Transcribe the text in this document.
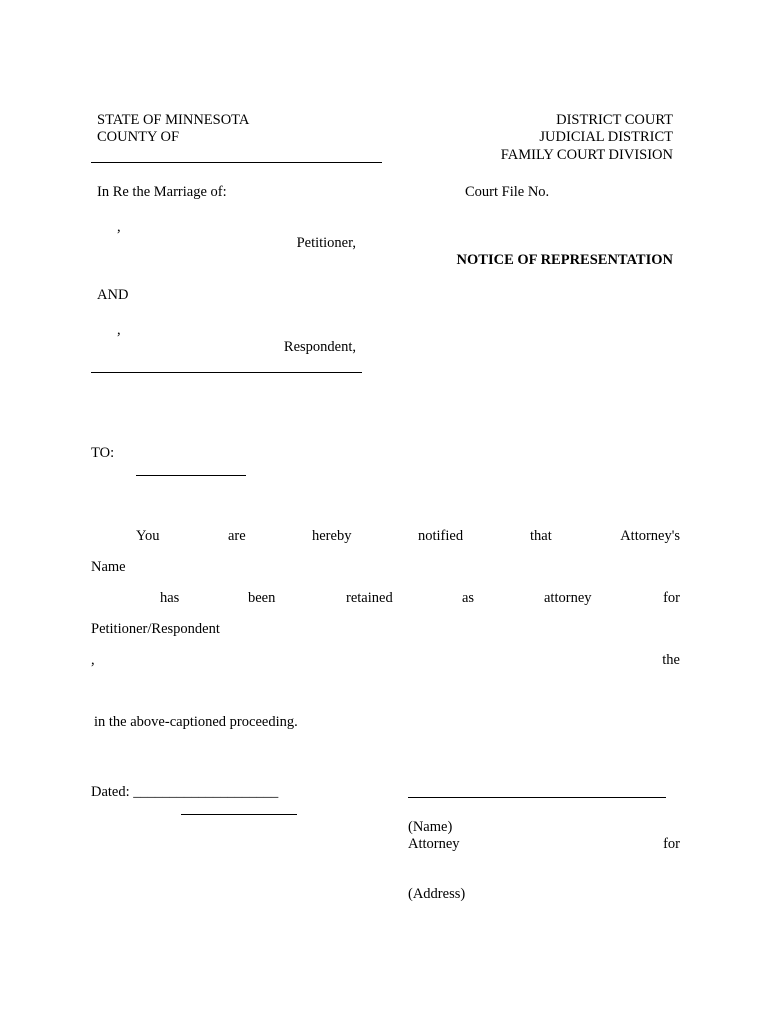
STATE OF MINNESOTA
COUNTY OF
DISTRICT COURT
JUDICIAL DISTRICT
FAMILY COURT DIVISION
In Re the Marriage of:	Court File No.
,
Petitioner,
NOTICE OF REPRESENTATION
AND
,
Respondent,
TO:
You	are	hereby	notified	that	Attorney's
Name
has	been	retained	as	attorney	for
Petitioner/Respondent
,	the
in the above-captioned proceeding.
Dated: ____________________
(Name)
Attorney	for
(Address)
